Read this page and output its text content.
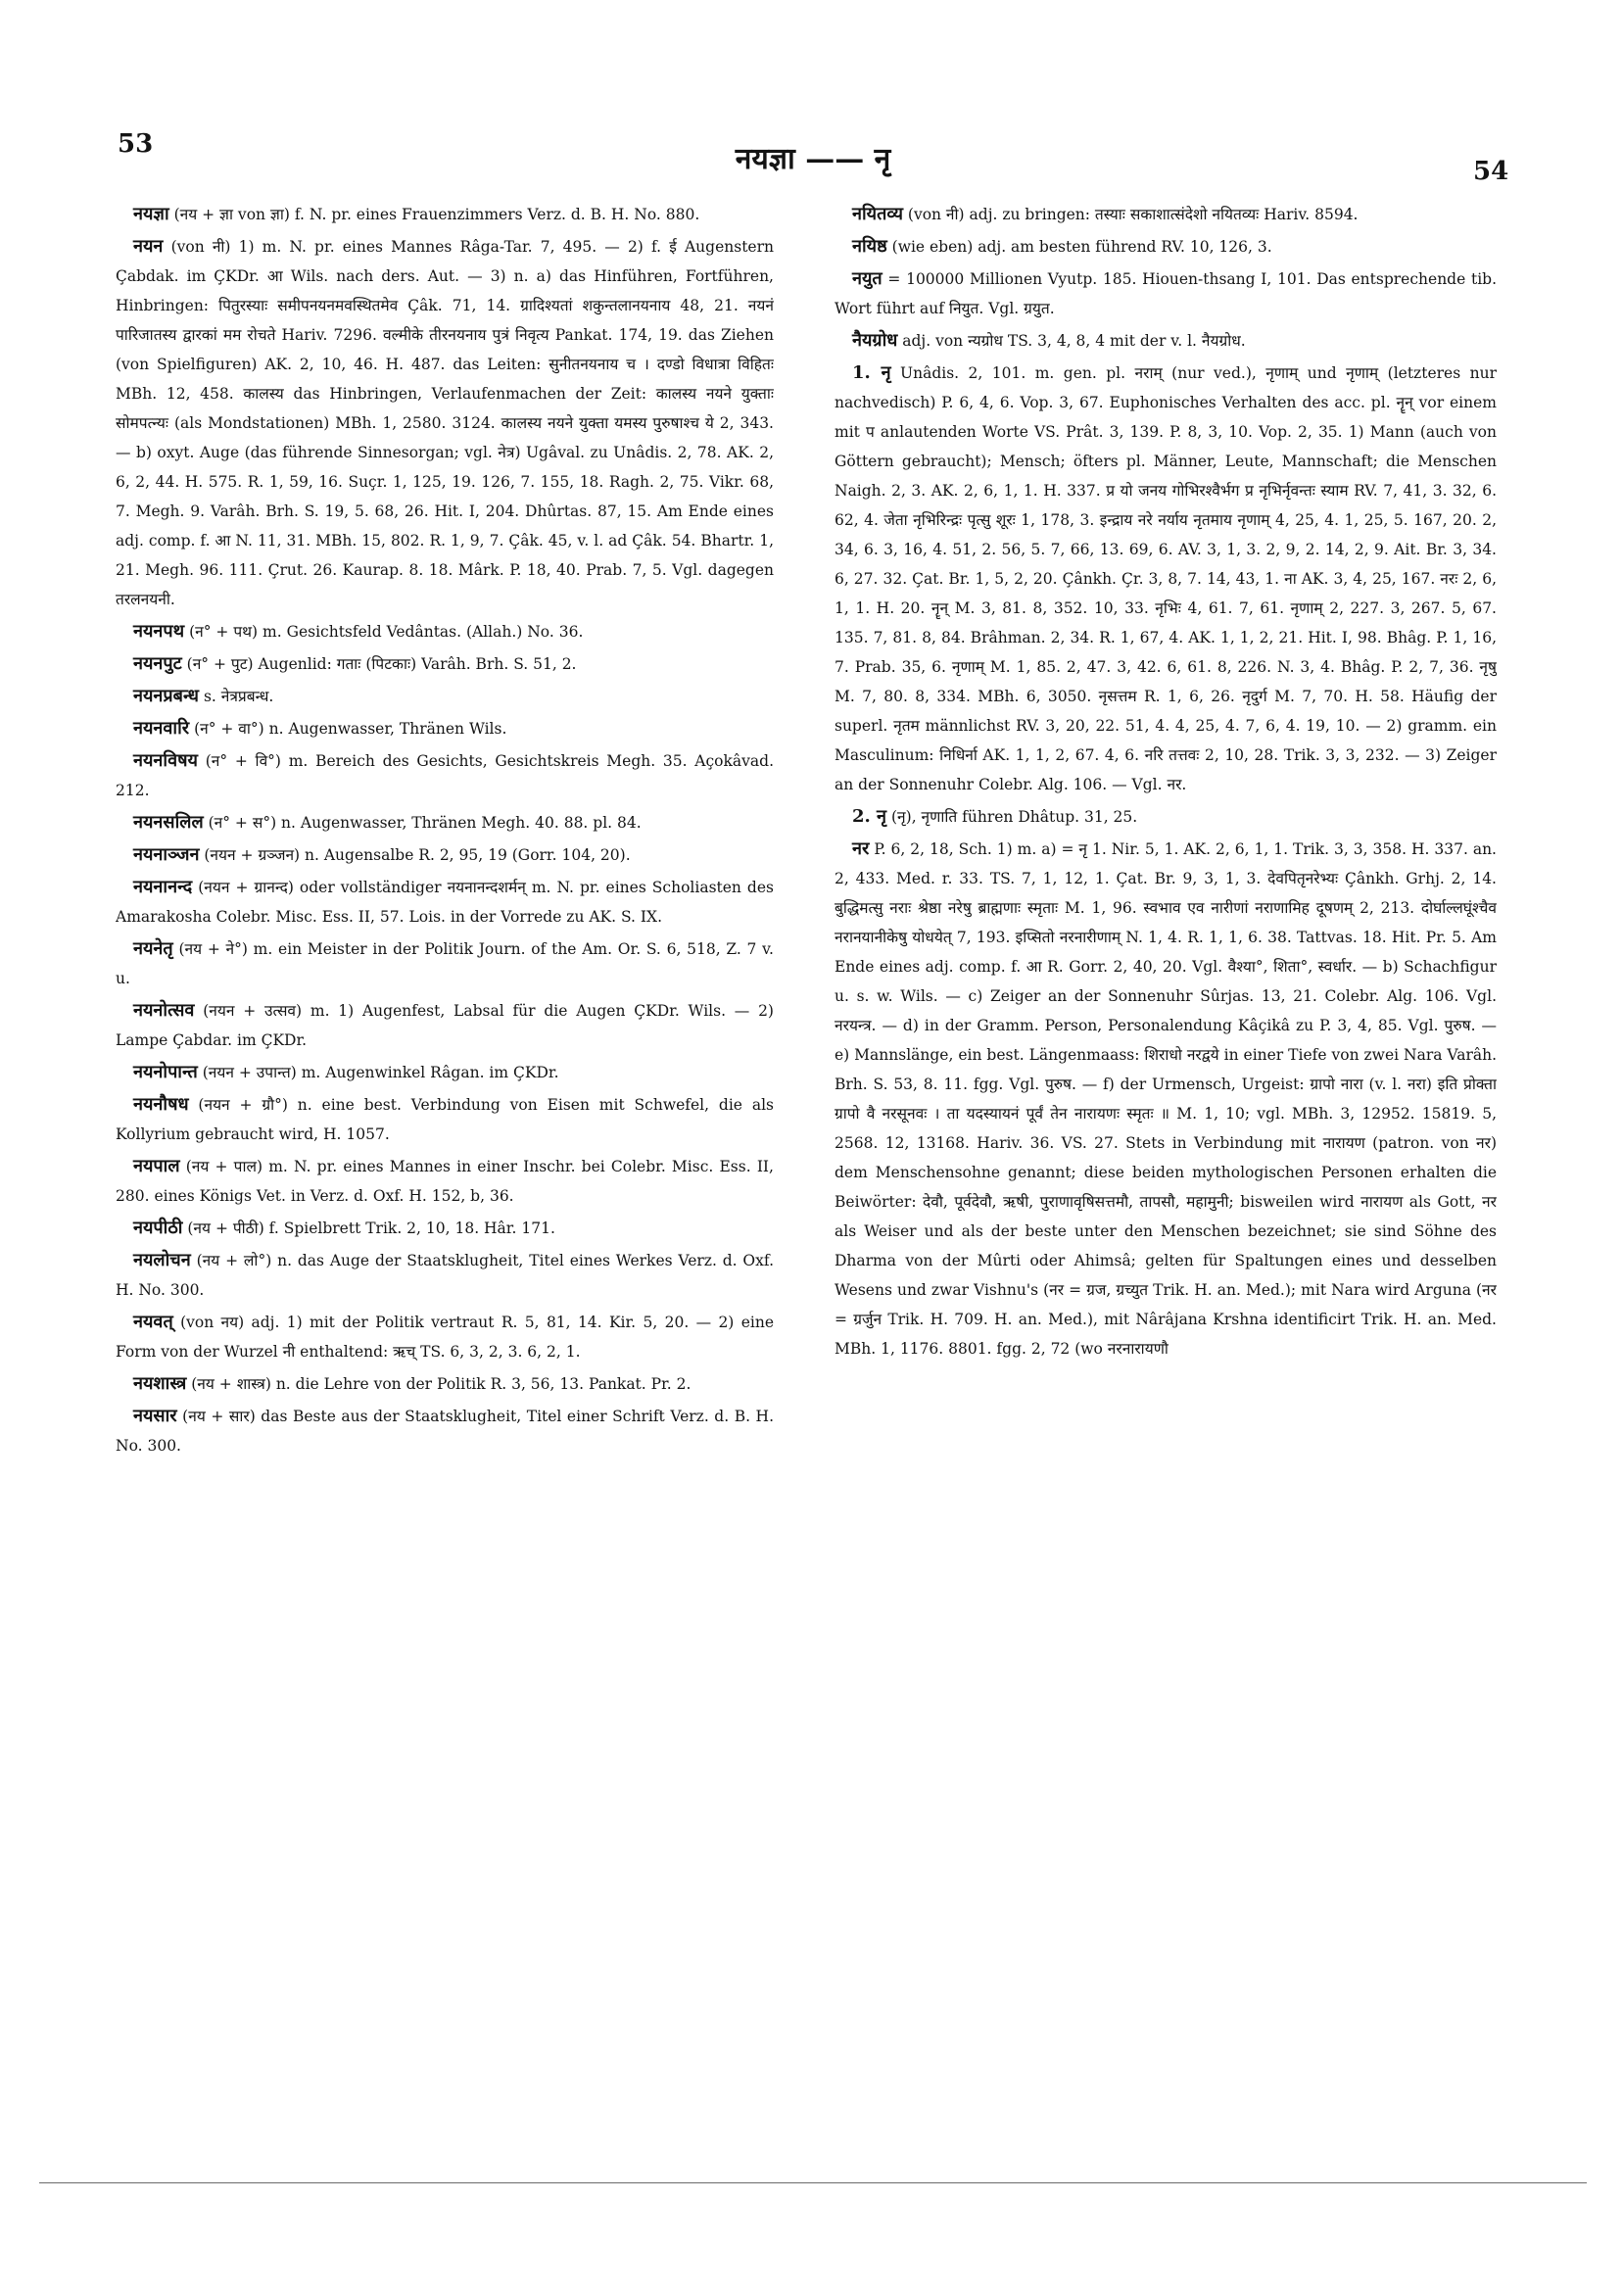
53	नयज्ञा —— नृ	54

नयज्ञा (नय + ज्ञा von ज्ञा) f. N. pr. eines Frauenzimmers Verz. d. B. H. No. 880.

नयन (von नी) 1) m. N. pr. eines Mannes Râga-Tar. 7, 495. — 2) f. ई Augenstern Çabdak. im ÇKDr. आ Wils. nach ders. Aut. — 3) n. a) das Hinführen, Fortführen, Hinbringen: पितुरस्याः समीपनयनमवस्थितमेव Çâk. 71, 14. ग्रादिश्यतां शकुन्तलानयनाय 48, 21. नयनं पारिजातस्य द्वारकां मम रोचते Hariv. 7296. वल्मीके तीरनयनाय पुत्रं निवृत्य Pankat. 174, 19. das Ziehen (von Spielfiguren) AK. 2, 10, 46. H. 487. das Leiten: सुनीतनयनाय च । दण्डो विधात्रा विहितः MBh. 12, 458. कालस्य das Hinbringen, Verlaufenmachen der Zeit: कालस्य नयने युक्ताः सोमपत्न्यः (als Mondstationen) MBh. 1, 2580. 3124. कालस्य नयने युक्ता यमस्य पुरुषाश्च ये 2, 343. — b) oxyt. Auge (das führende Sinnesorgan; vgl. नेत्र) Ugâval. zu Unâdis. 2, 78. AK. 2, 6, 2, 44. H. 575. R. 1, 59, 16. Suçr. 1, 125, 19. 126, 7. 155, 18. Ragh. 2, 75. Vikr. 68, 7. Megh. 9. Varâh. Brh. S. 19, 5. 68, 26. Hit. I, 204. Dhûrtas. 87, 15. Am Ende eines adj. comp. f. आ N. 11, 31. MBh. 15, 802. R. 1, 9, 7. Çâk. 45, v. l. ad Çâk. 54. Bhartr. 1, 21. Megh. 96. 111. Çrut. 26. Kaurap. 8. 18. Mârk. P. 18, 40. Prab. 7, 5. Vgl. dagegen तरलनयनी.

नयनपथ (न° + पथ) m. Gesichtsfeld Vedântas. (Allah.) No. 36.

नयनपुट (न° + पुट) Augenlid: गताः (पिटकाः) Varâh. Brh. S. 51, 2.

नयनप्रबन्ध s. नेत्रप्रबन्ध.

नयनवारि (न° + वा°) n. Augenwasser, Thränen Wils.

नयनविषय (न° + वि°) m. Bereich des Gesichts, Gesichtskreis Megh. 35. Açokâvad. 212.

नयनसलिल (न° + स°) n. Augenwasser, Thränen Megh. 40. 88. pl. 84.

नयनाञ्जन (नयन + ग्रञ्जन) n. Augensalbe R. 2, 95, 19 (Gorr. 104, 20).

नयनानन्द (नयन + ग्रानन्द) oder vollständiger नयनानन्दशर्मन् m. N. pr. eines Scholiasten des Amarakosha Colebr. Misc. Ess. II, 57. Lois. in der Vorrede zu AK. S. IX.

नयनेतृ (नय + ने°) m. ein Meister in der Politik Journ. of the Am. Or. S. 6, 518, Z. 7 v. u.

नयनोत्सव (नयन + उत्सव) m. 1) Augenfest, Labsal für die Augen ÇKDr. Wils. — 2) Lampe Çabdar. im ÇKDr.

नयनोपान्त (नयन + उपान्त) m. Augenwinkel Râgan. im ÇKDr.

नयनौषध (नयन + ग्रौ°) n. eine best. Verbindung von Eisen mit Schwefel, die als Kollyrium gebraucht wird, H. 1057.

नयपाल (नय + पाल) m. N. pr. eines Mannes in einer Inschr. bei Colebr. Misc. Ess. II, 280. eines Königs Vet. in Verz. d. Oxf. H. 152, b, 36.

नयपीठी (नय + पीठी) f. Spielbrett Trik. 2, 10, 18. Hâr. 171.

नयलोचन (नय + लो°) n. das Auge der Staatsklugheit, Titel eines Werkes Verz. d. Oxf. H. No. 300.

नयवत् (von नय) adj. 1) mit der Politik vertraut R. 5, 81, 14. Kir. 5, 20. — 2) eine Form von der Wurzel नी enthaltend: ऋच् TS. 6, 3, 2, 3. 6, 2, 1.

नयशास्त्र (नय + शास्त्र) n. die Lehre von der Politik R. 3, 56, 13. Pankat. Pr. 2.

नयसार (नय + सार) das Beste aus der Staatsklugheit, Titel einer Schrift Verz. d. B. H. No. 300.

नयितव्य (von नी) adj. zu bringen: तस्याः सकाशात्संदेशो नयितव्यः Hariv. 8594.

नयिष्ठ (wie eben) adj. am besten führend RV. 10, 126, 3.

नयुत = 100000 Millionen Vyutp. 185. Hiouen-thsang I, 101. Das entsprechende tib. Wort führt auf नियुत. Vgl. ग्रयुत.

नैयग्रोध adj. von न्यग्रोध TS. 3, 4, 8, 4 mit der v. l. नैयग्रोध.

1. नृ Unâdis. 2, 101. m. gen. pl. नराम् (nur ved.), नृणाम् und नृणाम् (letzteres nur nachvedisch) P. 6, 4, 6. Vop. 3, 67. Euphonisches Verhalten des acc. pl. नॄन् vor einem mit प anlautenden Worte VS. Prât. 3, 139. P. 8, 3, 10. Vop. 2, 35. 1) Mann (auch von Göttern gebraucht); Mensch; öfters pl. Männer, Leute, Mannschaft; die Menschen Naigh. 2, 3. AK. 2, 6, 1, 1. H. 337. प्र यो जनय गोभिरश्वैर्भग प्र नृभिर्नृवन्तः स्याम RV. 7, 41, 3. 32, 6. 62, 4. जेता नृभिरिन्द्रः पृत्सु शूरः 1, 178, 3. इन्द्राय नरे नर्याय नृतमाय नृणाम् 4, 25, 4. 1, 25, 5. 167, 20. 2, 34, 6. 3, 16, 4. 51, 2. 56, 5. 7, 66, 13. 69, 6. AV. 3, 1, 3. 2, 9, 2. 14, 2, 9. Ait. Br. 3, 34. 6, 27. 32. Çat. Br. 1, 5, 2, 20. Çânkh. Çr. 3, 8, 7. 14, 43, 1. ना AK. 3, 4, 25, 167. नरः 2, 6, 1, 1. H. 20. नॄन् M. 3, 81. 8, 352. 10, 33. नृभिः 4, 61. 7, 61. नृणाम् 2, 227. 3, 267. 5, 67. 135. 7, 81. 8, 84. Brâhman. 2, 34. R. 1, 67, 4. AK. 1, 1, 2, 21. Hit. I, 98. Bhâg. P. 1, 16, 7. Prab. 35, 6. नृणाम् M. 1, 85. 2, 47. 3, 42. 6, 61. 8, 226. N. 3, 4. Bhâg. P. 2, 7, 36. नृषु M. 7, 80. 8, 334. MBh. 6, 3050. नृसत्तम R. 1, 6, 26. नृदुर्ग M. 7, 70. H. 58. Häufig der superl. नृतम männlichst RV. 3, 20, 22. 51, 4. 4, 25, 4. 7, 6, 4. 19, 10. — 2) gramm. ein Masculinum: निधिर्ना AK. 1, 1, 2, 67. 4, 6. नरि तत्तवः 2, 10, 28. Trik. 3, 3, 232. — 3) Zeiger an der Sonnenuhr Colebr. Alg. 106. — Vgl. नर.

2. नृ (नृ), नृणाति führen Dhâtup. 31, 25.

नर P. 6, 2, 18, Sch. 1) m. a) = नृ 1. Nir. 5, 1. AK. 2, 6, 1, 1. Trik. 3, 3, 358. H. 337. an. 2, 433. Med. r. 33. TS. 7, 1, 12, 1. Çat. Br. 9, 3, 1, 3. देवपितृनरेभ्यः Çânkh. Grhj. 2, 14. बुद्धिमत्सु नराः श्रेष्ठा नरेषु ब्राह्मणाः स्मृताः M. 1, 96. स्वभाव एव नारीणां नराणामिह दूषणम् 2, 213. दोर्घाल्लघूंश्चैव नरानयानीकेषु योधयेत् 7, 193. इप्सितो नरनारीणाम् N. 1, 4. R. 1, 1, 6. 38. Tattvas. 18. Hit. Pr. 5. Am Ende eines adj. comp. f. आ R. Gorr. 2, 40, 20. Vgl. वैश्या°, शिता°, स्वर्धार. — b) Schachfigur u. s. w. Wils. — c) Zeiger an der Sonnenuhr Sûrjas. 13, 21. Colebr. Alg. 106. Vgl. नरयन्त्र. — d) in der Gramm. Person, Personalendung Kâçikâ zu P. 3, 4, 85. Vgl. पुरुष. — e) Mannslänge, ein best. Längenmaass: शिराधो नरद्वये in einer Tiefe von zwei Nara Varâh. Brh. S. 53, 8. 11. fgg. Vgl. पुरुष. — f) der Urmensch, Urgeist: ग्रापो नारा (v. l. नरा) इति प्रोक्ता ग्रापो वै नरसूनवः । ता यदस्यायनं पूर्वं तेन नारायणः स्मृतः ॥ M. 1, 10; vgl. MBh. 3, 12952. 15819. 5, 2568. 12, 13168. Hariv. 36. VS. 27. Stets in Verbindung mit नारायण (patron. von नर) dem Menschensohne genannt; diese beiden mythologischen Personen erhalten die Beiwörter: देवौ, पूर्वदेवौ, ऋषी, पुराणावृषिसत्तमौ, तापसौ, महामुनी; bisweilen wird नारायण als Gott, नर als Weiser und als der beste unter den Menschen bezeichnet; sie sind Söhne des Dharma von der Mûrti oder Ahimsâ; gelten für Spaltungen eines und desselben Wesens und zwar Vishnu's (नर = ग्रज, ग्रच्युत Trik. H. an. Med.); mit Nara wird Arguna (नर = ग्रर्जुन Trik. H. 709. H. an. Med.), mit Nârâjana Krshna identificirt Trik. H. an. Med. MBh. 1, 1176. 8801. fgg. 2, 72 (wo नरनारायणौ
